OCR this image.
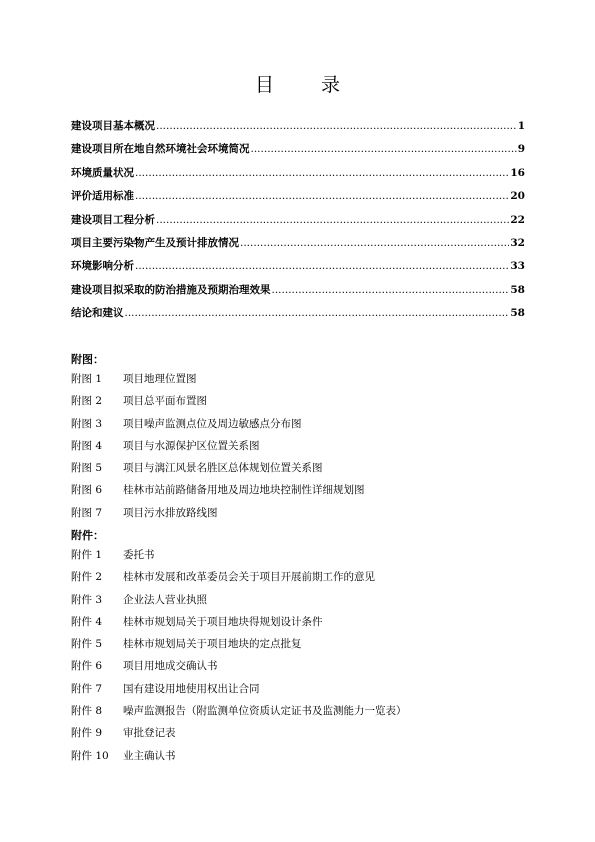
目　录
建设项目基本概况 .....	1
建设项目所在地自然环境社会环境简况 .....	9
环境质量状况 .....	16
评价适用标准 .....	20
建设项目工程分析 .....	22
项目主要污染物产生及预计排放情况 .....	32
环境影响分析 .....	33
建设项目拟采取的防治措施及预期治理效果 .....	58
结论和建议 .....	58
附图：
附图 1	项目地理位置图
附图 2	项目总平面布置图
附图 3	项目噪声监测点位及周边敏感点分布图
附图 4	项目与水源保护区位置关系图
附图 5	项目与漓江风景名胜区总体规划位置关系图
附图 6	桂林市站前路储备用地及周边地块控制性详细规划图
附图 7	项目污水排放路线图
附件：
附件 1	委托书
附件 2	桂林市发展和改革委员会关于项目开展前期工作的意见
附件 3	企业法人营业执照
附件 4	桂林市规划局关于项目地块得规划设计条件
附件 5	桂林市规划局关于项目地块的定点批复
附件 6	项目用地成交确认书
附件 7	国有建设用地使用权出让合同
附件 8	噪声监测报告（附监测单位资质认定证书及监测能力一览表）
附件 9	审批登记表
附件 10	业主确认书
